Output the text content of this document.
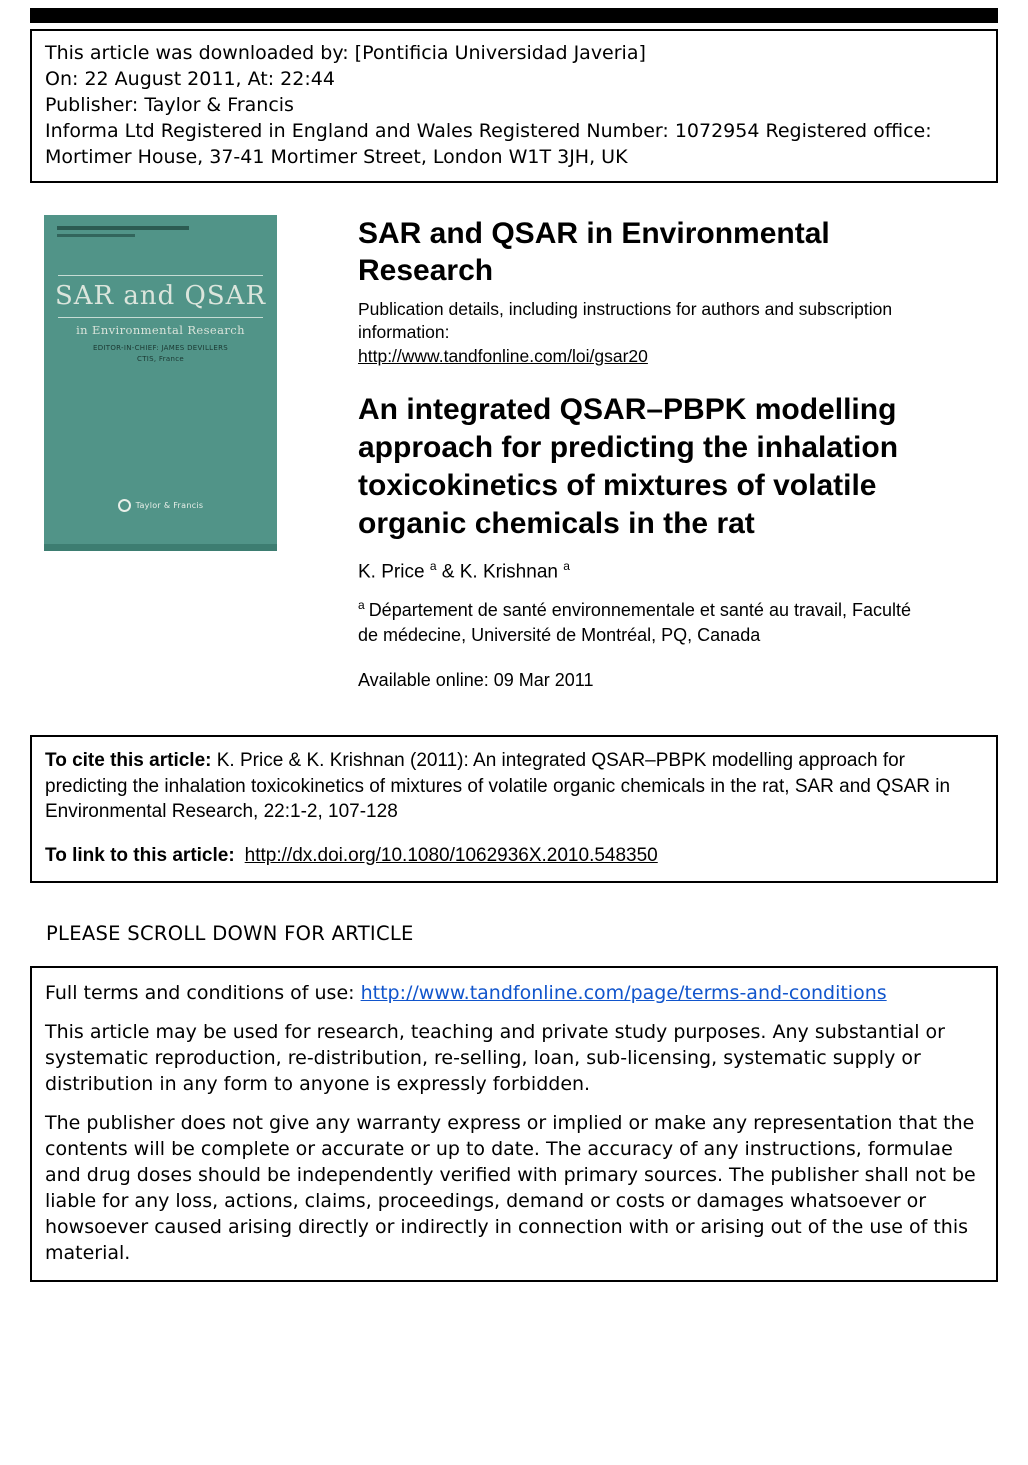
This article was downloaded by: [Pontificia Universidad Javeria]

On: 22 August 2011, At: 22:44

Publisher: Taylor & Francis

Informa Ltd Registered in England and Wales Registered Number: 1072954 Registered office: Mortimer House, 37-41 Mortimer Street, London W1T 3JH, UK

SAR and QSAR
in Environmental Research
EDITOR-IN-CHIEF: JAMES DEVILLERS
CTIS, France
Taylor & Francis
SAR and QSAR in Environmental Research

Publication details, including instructions for authors and subscription information:

http://www.tandfonline.com/loi/gsar20
An integrated QSAR–PBPK modelling approach for predicting the inhalation toxicokinetics of mixtures of volatile organic chemicals in the rat

K. Price $^a$ & K. Krishnan $^a$

$^a$ Département de santé environnementale et santé au travail, Faculté de médecine, Université de Montréal, PQ, Canada

Available online: 09 Mar 2011

To cite this article: K. Price & K. Krishnan (2011): An integrated QSAR–PBPK modelling approach for predicting the inhalation toxicokinetics of mixtures of volatile organic chemicals in the rat, SAR and QSAR in Environmental Research, 22:1-2, 107-128

To link to this article: http://dx.doi.org/10.1080/1062936X.2010.548350

PLEASE SCROLL DOWN FOR ARTICLE

Full terms and conditions of use: http://www.tandfonline.com/page/terms-and-conditions

This article may be used for research, teaching and private study purposes. Any substantial or systematic reproduction, re-distribution, re-selling, loan, sub-licensing, systematic supply or distribution in any form to anyone is expressly forbidden.

The publisher does not give any warranty express or implied or make any representation that the contents will be complete or accurate or up to date. The accuracy of any instructions, formulae and drug doses should be independently verified with primary sources. The publisher shall not be liable for any loss, actions, claims, proceedings, demand or costs or damages whatsoever or howsoever caused arising directly or indirectly in connection with or arising out of the use of this material.
